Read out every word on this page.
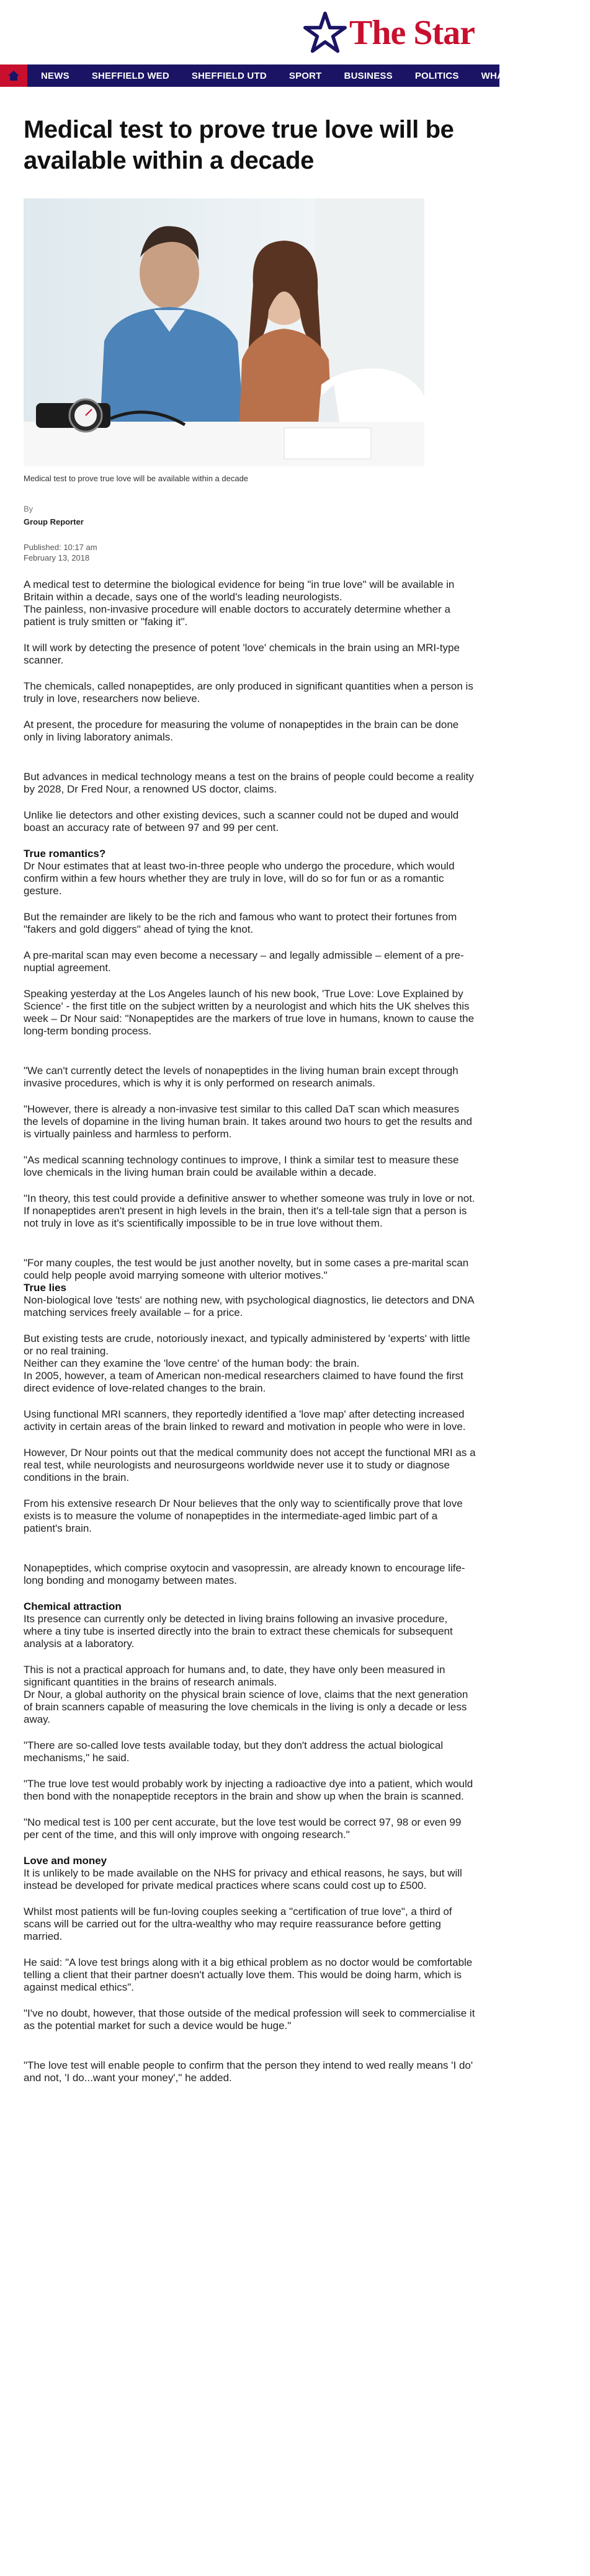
The Star
NEWS SHEFFIELD WED SHEFFIELD UTD SPORT BUSINESS POLITICS WHAT'S ON RETRO
Medical test to prove true love will be available within a decade

Medical test to prove true love will be available within a decade

By
Group Reporter
Published: 10:17 am
February 13, 2018

A medical test to determine the biological evidence for being "in true love" will be available in Britain within a decade, says one of the world's leading neurologists.

The painless, non-invasive procedure will enable doctors to accurately determine whether a patient is truly smitten or "faking it".

It will work by detecting the presence of potent 'love' chemicals in the brain using an MRI-type scanner.

The chemicals, called nonapeptides, are only produced in significant quantities when a person is truly in love, researchers now believe.

At present, the procedure for measuring the volume of nonapeptides in the brain can be done only in living laboratory animals.

But advances in medical technology means a test on the brains of people could become a reality by 2028, Dr Fred Nour, a renowned US doctor, claims.

Unlike lie detectors and other existing devices, such a scanner could not be duped and would boast an accuracy rate of between 97 and 99 per cent.

True romantics?

Dr Nour estimates that at least two-in-three people who undergo the procedure, which would confirm within a few hours whether they are truly in love, will do so for fun or as a romantic gesture.

But the remainder are likely to be the rich and famous who want to protect their fortunes from "fakers and gold diggers" ahead of tying the knot.

A pre-marital scan may even become a necessary – and legally admissible – element of a pre-nuptial agreement.

Speaking yesterday at the Los Angeles launch of his new book, 'True Love: Love Explained by Science' - the first title on the subject written by a neurologist and which hits the UK shelves this week – Dr Nour said: "Nonapeptides are the markers of true love in humans, known to cause the long-term bonding process.

"We can't currently detect the levels of nonapeptides in the living human brain except through invasive procedures, which is why it is only performed on research animals.

"However, there is already a non-invasive test similar to this called DaT scan which measures the levels of dopamine in the living human brain. It takes around two hours to get the results and is virtually painless and harmless to perform.

"As medical scanning technology continues to improve, I think a similar test to measure these love chemicals in the living human brain could be available within a decade.

"In theory, this test could provide a definitive answer to whether someone was truly in love or not. If nonapeptides aren't present in high levels in the brain, then it's a tell-tale sign that a person is not truly in love as it's scientifically impossible to be in true love without them.

"For many couples, the test would be just another novelty, but in some cases a pre-marital scan could help people avoid marrying someone with ulterior motives."

True lies

Non-biological love 'tests' are nothing new, with psychological diagnostics, lie detectors and DNA matching services freely available – for a price.

But existing tests are crude, notoriously inexact, and typically administered by 'experts' with little or no real training.

Neither can they examine the 'love centre' of the human body: the brain.

In 2005, however, a team of American non-medical researchers claimed to have found the first direct evidence of love-related changes to the brain.

Using functional MRI scanners, they reportedly identified a 'love map' after detecting increased activity in certain areas of the brain linked to reward and motivation in people who were in love.

However, Dr Nour points out that the medical community does not accept the functional MRI as a real test, while neurologists and neurosurgeons worldwide never use it to study or diagnose conditions in the brain.

From his extensive research Dr Nour believes that the only way to scientifically prove that love exists is to measure the volume of nonapeptides in the intermediate-aged limbic part of a patient's brain.

Nonapeptides, which comprise oxytocin and vasopressin, are already known to encourage life-long bonding and monogamy between mates.

Chemical attraction

Its presence can currently only be detected in living brains following an invasive procedure, where a tiny tube is inserted directly into the brain to extract these chemicals for subsequent analysis at a laboratory.

This is not a practical approach for humans and, to date, they have only been measured in significant quantities in the brains of research animals.

Dr Nour, a global authority on the physical brain science of love, claims that the next generation of brain scanners capable of measuring the love chemicals in the living is only a decade or less away.

"There are so-called love tests available today, but they don't address the actual biological mechanisms," he said.

"The true love test would probably work by injecting a radioactive dye into a patient, which would then bond with the nonapeptide receptors in the brain and show up when the brain is scanned.

"No medical test is 100 per cent accurate, but the love test would be correct 97, 98 or even 99 per cent of the time, and this will only improve with ongoing research."

Love and money

It is unlikely to be made available on the NHS for privacy and ethical reasons, he says, but will instead be developed for private medical practices where scans could cost up to £500.

Whilst most patients will be fun-loving couples seeking a "certification of true love", a third of scans will be carried out for the ultra-wealthy who may require reassurance before getting married.

He said: "A love test brings along with it a big ethical problem as no doctor would be comfortable telling a client that their partner doesn't actually love them. This would be doing harm, which is against medical ethics".

"I've no doubt, however, that those outside of the medical profession will seek to commercialise it as the potential market for such a device would be huge."

"The love test will enable people to confirm that the person they intend to wed really means 'I do' and not, 'I do...want your money'," he added.
